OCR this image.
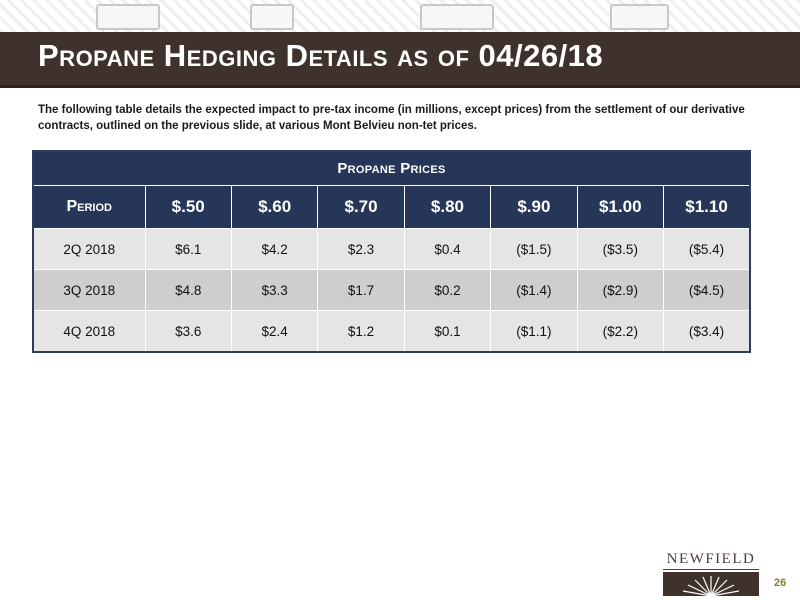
Propane Hedging Details as of 04/26/18

The following table details the expected impact to pre-tax income (in millions, except prices) from the settlement of our derivative contracts, outlined on the previous slide, at various Mont Belvieu non-tet prices.

Propane Prices							
Period	$.50	$.60	$.70	$.80	$.90	$1.00	$1.10
2Q 2018	$6.1	$4.2	$2.3	$0.4	($1.5)	($3.5)	($5.4)
3Q 2018	$4.8	$3.3	$1.7	$0.2	($1.4)	($2.9)	($4.5)
4Q 2018	$3.6	$2.4	$1.2	$0.1	($1.1)	($2.2)	($3.4)
NEWFIELD
26
